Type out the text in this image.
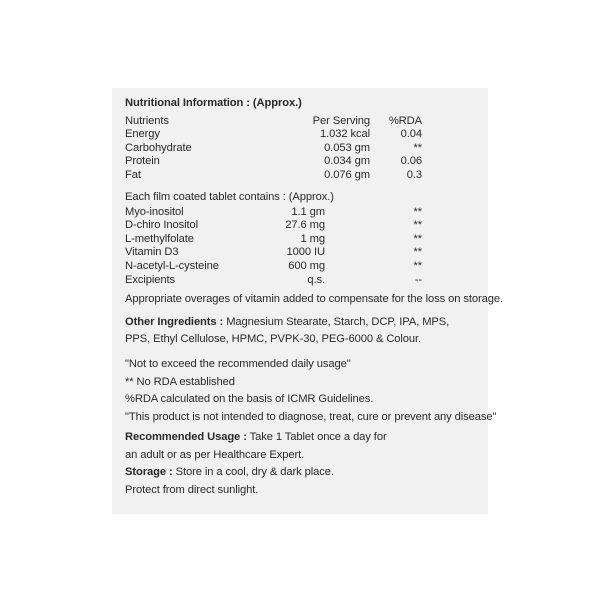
Nutritional Information : (Approx.)
Nutrients	Per Serving	%RDA
Energy	1.032 kcal	0.04
Carbohydrate	0.053 gm	**
Protein	0.034 gm	0.06
Fat	0.076 gm	0.3
Each film coated tablet contains : (Approx.)
Myo-inositol	1.1 gm	**
D-chiro Inositol	27.6 mg	**
L-methylfolate	1 mg	**
Vitamin D3	1000 IU	**
N-acetyl-L-cysteine	600 mg	**
Excipients	q.s.	--
Appropriate overages of vitamin added to compensate for the loss on storage.
Other Ingredients : Magnesium Stearate, Starch, DCP, IPA, MPS,
PPS, Ethyl Cellulose, HPMC, PVPK-30, PEG-6000 & Colour.
"Not to exceed the recommended daily usage"
** No RDA established
%RDA calculated on the basis of ICMR Guidelines.
"This product is not intended to diagnose, treat, cure or prevent any disease"
Recommended Usage : Take 1 Tablet once a day for
an adult or as per Healthcare Expert.
Storage : Store in a cool, dry & dark place.
Protect from direct sunlight.
